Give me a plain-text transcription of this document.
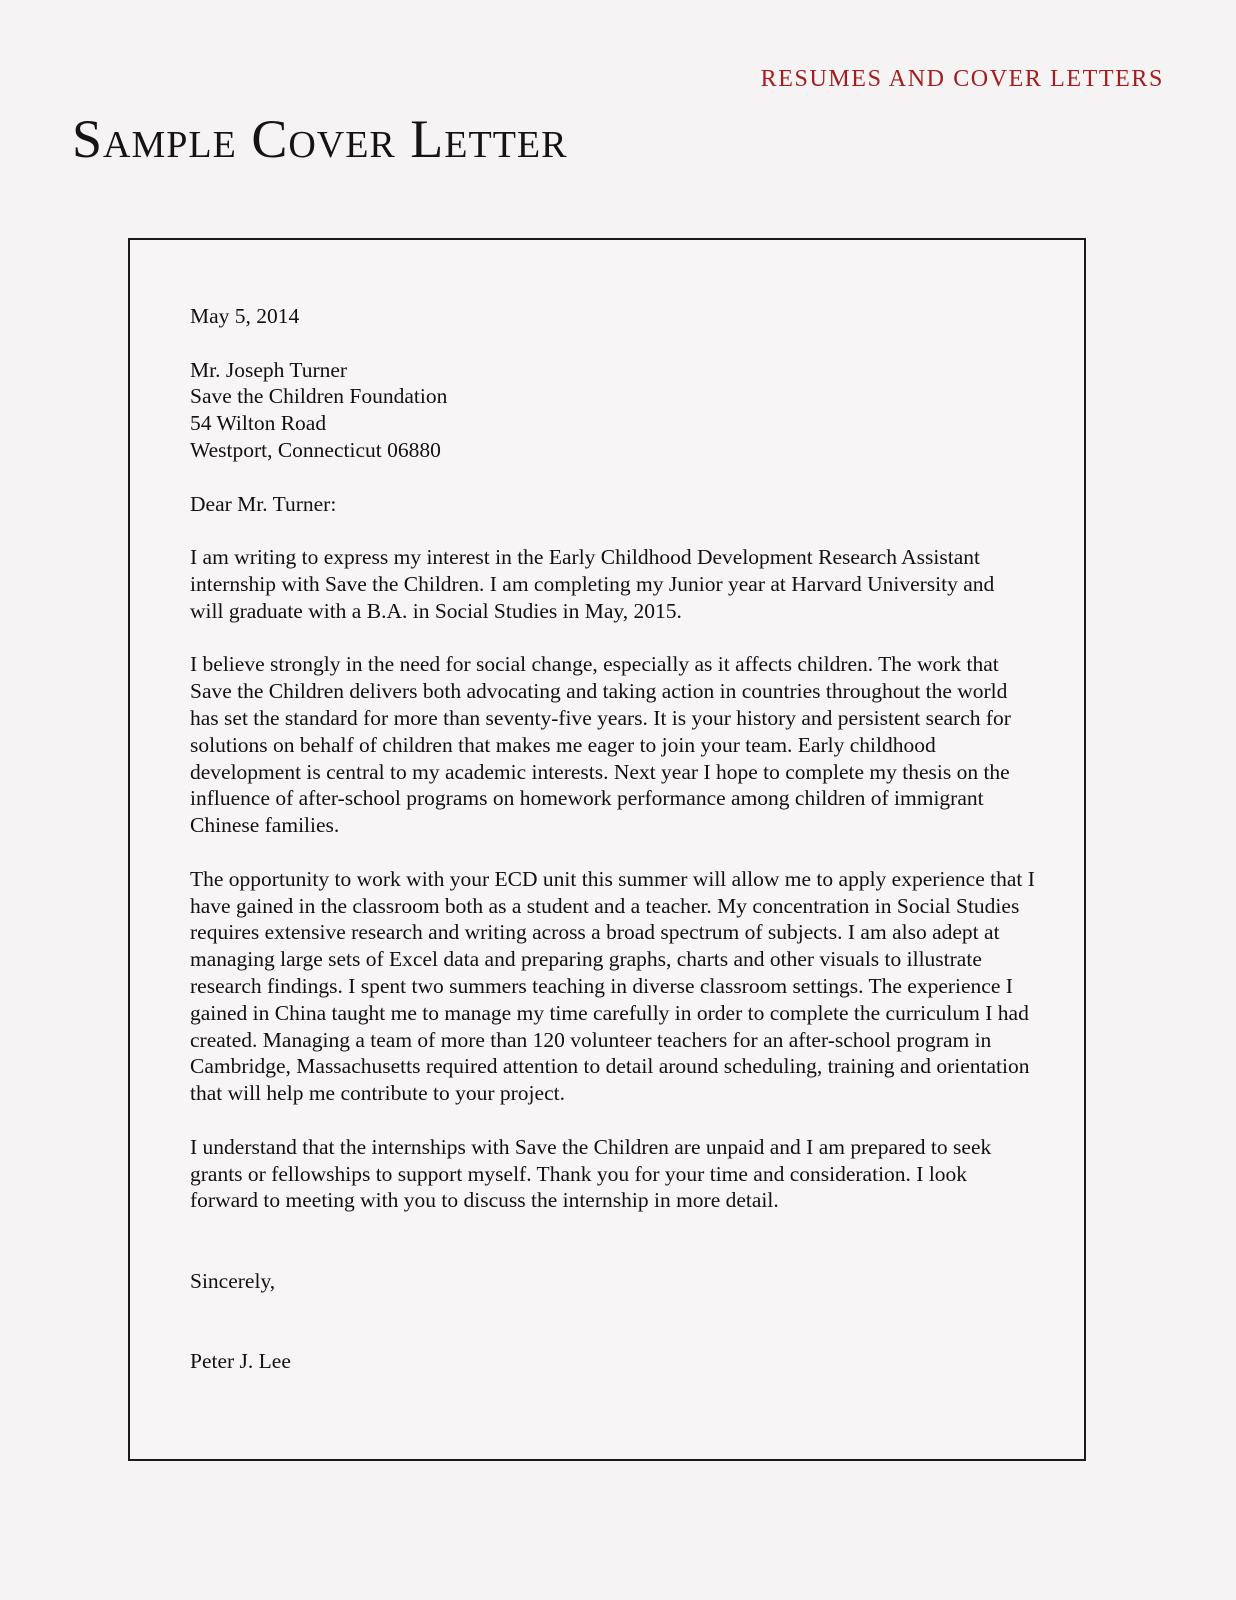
RESUMES AND COVER LETTERS
Sample Cover Letter

May 5, 2014

Mr. Joseph Turner
Save the Children Foundation
54 Wilton Road
Westport, Connecticut 06880

Dear Mr. Turner:

I am writing to express my interest in the Early Childhood Development Research Assistant internship with Save the Children. I am completing my Junior year at Harvard University and will graduate with a B.A. in Social Studies in May, 2015.

I believe strongly in the need for social change, especially as it affects children. The work that Save the Children delivers both advocating and taking action in countries throughout the world has set the standard for more than seventy-five years. It is your history and persistent search for solutions on behalf of children that makes me eager to join your team. Early childhood development is central to my academic interests. Next year I hope to complete my thesis on the influence of after-school programs on homework performance among children of immigrant Chinese families.

The opportunity to work with your ECD unit this summer will allow me to apply experience that I have gained in the classroom both as a student and a teacher. My concentration in Social Studies requires extensive research and writing across a broad spectrum of subjects. I am also adept at managing large sets of Excel data and preparing graphs, charts and other visuals to illustrate research findings. I spent two summers teaching in diverse classroom settings. The experience I gained in China taught me to manage my time carefully in order to complete the curriculum I had created. Managing a team of more than 120 volunteer teachers for an after-school program in Cambridge, Massachusetts required attention to detail around scheduling, training and orientation that will help me contribute to your project.

I understand that the internships with Save the Children are unpaid and I am prepared to seek grants or fellowships to support myself. Thank you for your time and consideration. I look forward to meeting with you to discuss the internship in more detail.

Sincerely,

Peter J. Lee
